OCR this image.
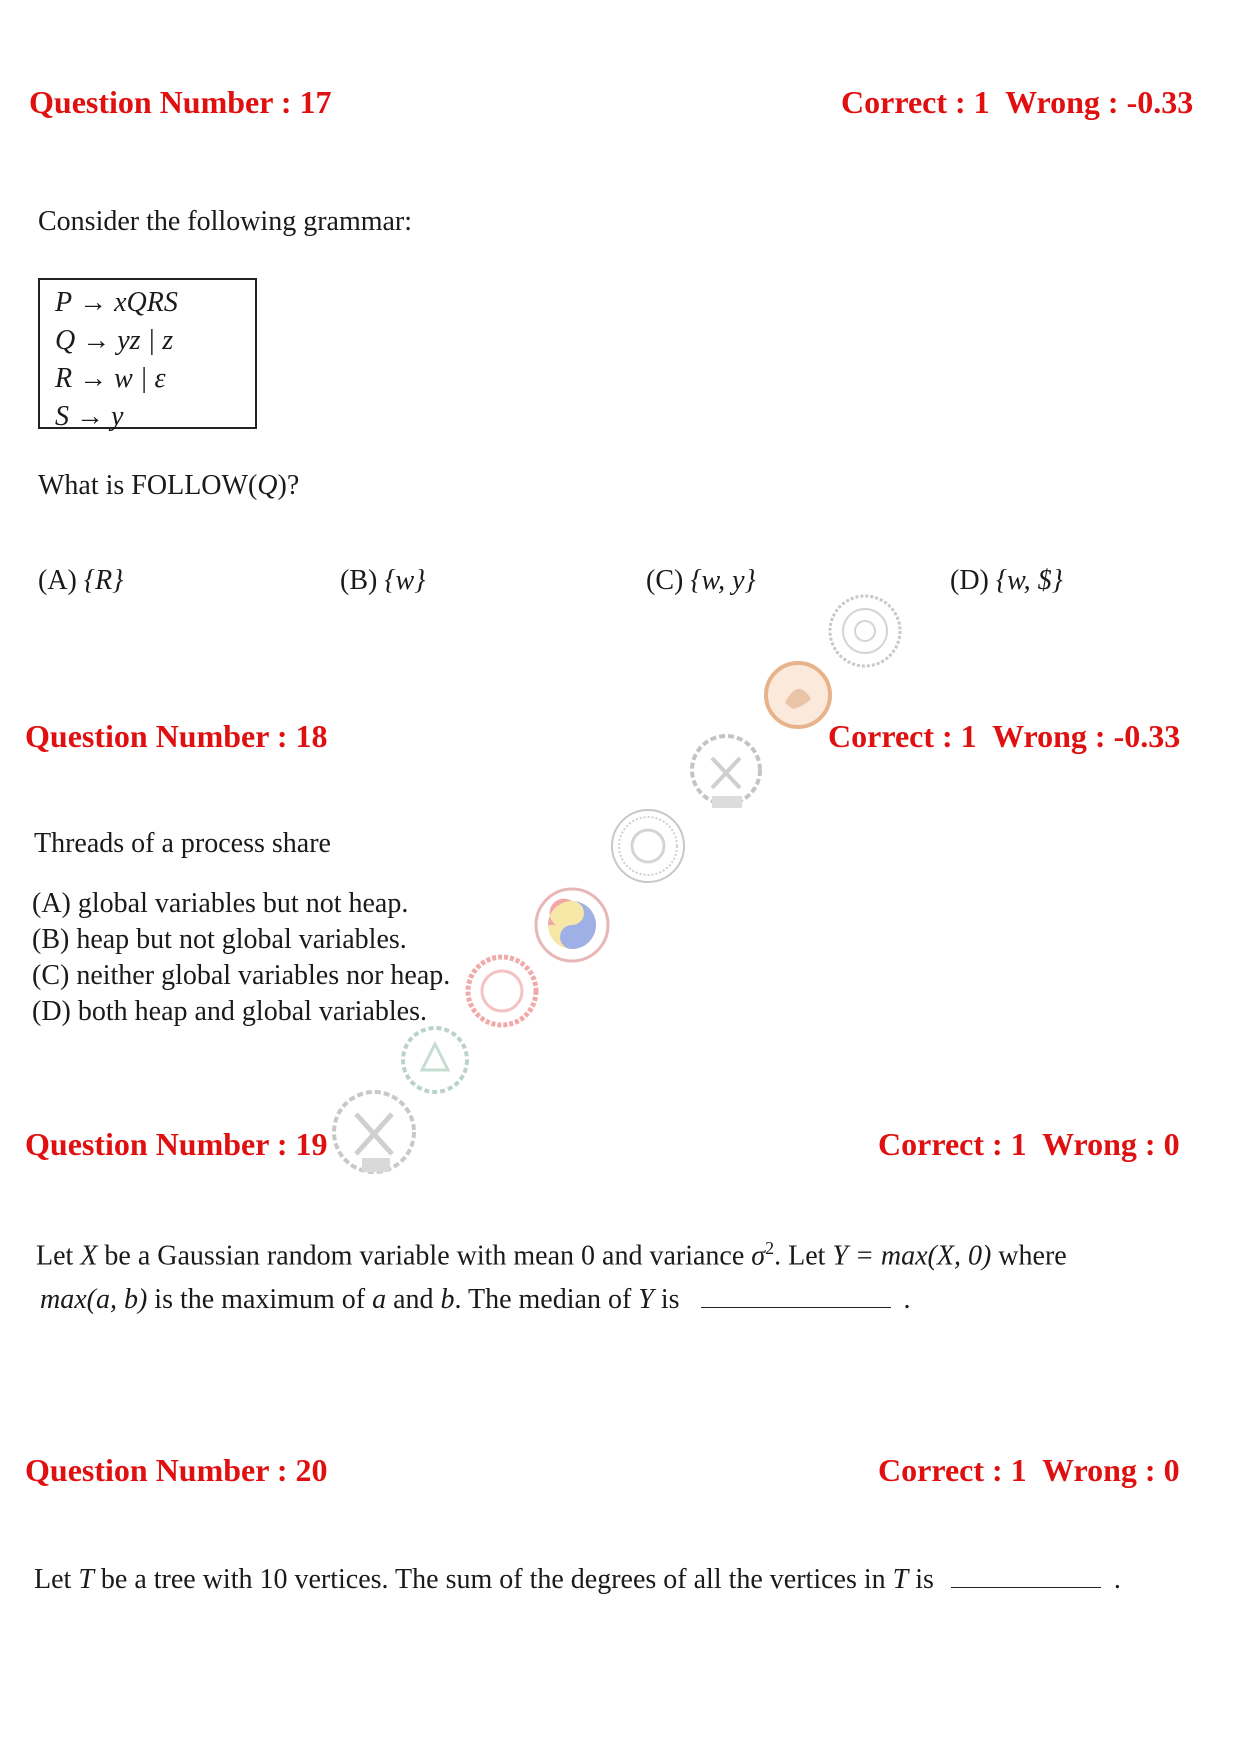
Question Number : 17	Correct : 1  Wrong : -0.33
Consider the following grammar:
P → xQRS
Q → yz | z
R → w | ε
S → y
What is FOLLOW(Q)?
(A) {R}	(B) {w}	(C) {w, y}	(D) {w, $}
Question Number : 18	Correct : 1  Wrong : -0.33
Threads of a process share
(A) global variables but not heap.
(B) heap but not global variables.
(C) neither global variables nor heap.
(D) both heap and global variables.
Question Number : 19	Correct : 1  Wrong : 0
Let X be a Gaussian random variable with mean 0 and variance $\sigma^2$. Let Y = max(X, 0) where
max(a, b) is the maximum of a and b. The median of Y is	.
Question Number : 20	Correct : 1  Wrong : 0
Let T be a tree with 10 vertices. The sum of the degrees of all the vertices in T is	.
